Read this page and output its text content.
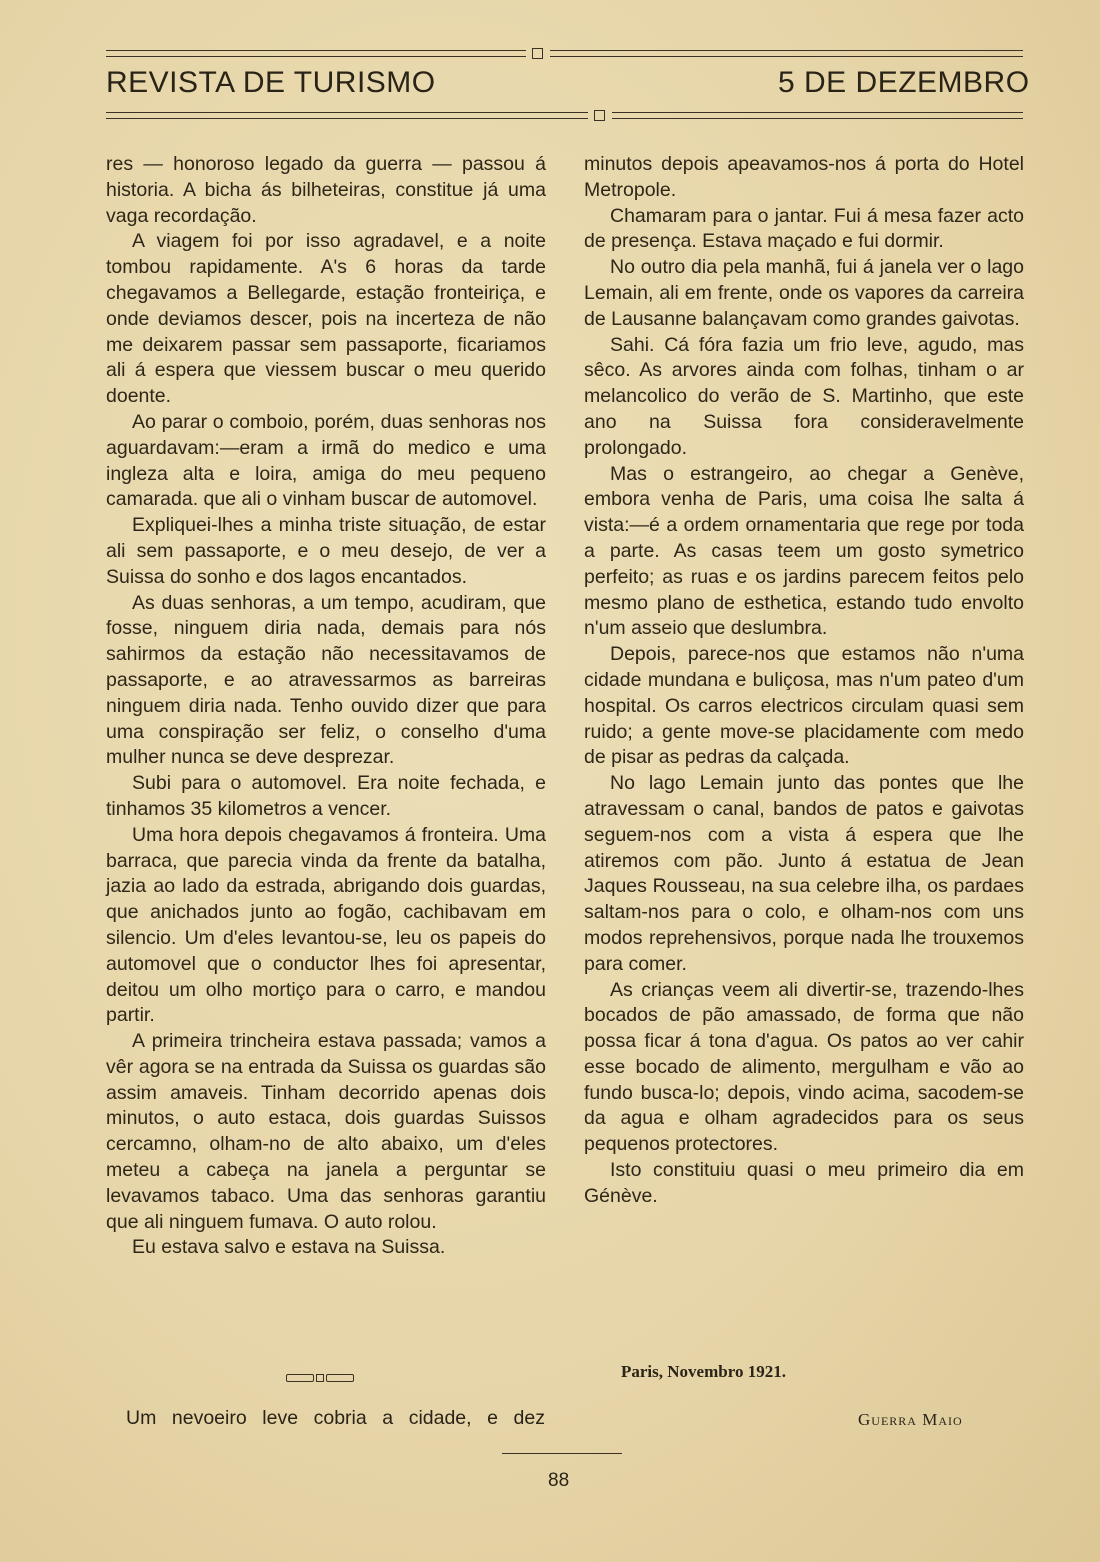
REVISTA DE TURISMO	5 DE DEZEMBRO

res — honoroso legado da guerra — passou á historia. A bicha ás bilheteiras, constitue já uma vaga recordação.

A viagem foi por isso agradavel, e a noite tombou rapidamente. A's 6 horas da tarde chegavamos a Bellegarde, estação fronteiriça, e onde deviamos descer, pois na incerteza de não me deixarem passar sem passaporte, ficariamos ali á espera que viessem buscar o meu querido doente.

Ao parar o comboio, porém, duas senhoras nos aguardavam:—eram a irmã do medico e uma ingleza alta e loira, amiga do meu pequeno camarada. que ali o vinham buscar de automovel.

Expliquei-lhes a minha triste situação, de estar ali sem passaporte, e o meu desejo, de ver a Suissa do sonho e dos lagos encantados.

As duas senhoras, a um tempo, acudiram, que fosse, ninguem diria nada, demais para nós sahirmos da estação não necessitavamos de passaporte, e ao atravessarmos as barreiras ninguem diria nada. Tenho ouvido dizer que para uma conspiração ser feliz, o conselho d'uma mulher nunca se deve desprezar.

Subi para o automovel. Era noite fechada, e tinhamos 35 kilometros a vencer.

Uma hora depois chegavamos á fronteira. Uma barraca, que parecia vinda da frente da batalha, jazia ao lado da estrada, abrigando dois guardas, que anichados junto ao fogão, cachibavam em silencio. Um d'eles levantou-se, leu os papeis do automovel que o conductor lhes foi apresentar, deitou um olho mortiço para o carro, e mandou partir.

A primeira trincheira estava passada; vamos a vêr agora se na entrada da Suissa os guardas são assim amaveis. Tinham decorrido apenas dois minutos, o auto estaca, dois guardas Suissos cercamno, olham-no de alto abaixo, um d'eles meteu a cabeça na janela a perguntar se levavamos tabaco. Uma das senhoras garantiu que ali ninguem fumava. O auto rolou.

Eu estava salvo e estava na Suissa.

Um nevoeiro leve cobria a cidade, e dez

minutos depois apeavamos-nos á porta do Hotel Metropole.

Chamaram para o jantar. Fui á mesa fazer acto de presença. Estava maçado e fui dormir.

No outro dia pela manhã, fui á janela ver o lago Lemain, ali em frente, onde os vapores da carreira de Lausanne balançavam como grandes gaivotas.

Sahi. Cá fóra fazia um frio leve, agudo, mas sêco. As arvores ainda com folhas, tinham o ar melancolico do verão de S. Martinho, que este ano na Suissa fora consideravelmente prolongado.

Mas o estrangeiro, ao chegar a Genève, embora venha de Paris, uma coisa lhe salta á vista:—é a ordem ornamentaria que rege por toda a parte. As casas teem um gosto symetrico perfeito; as ruas e os jardins parecem feitos pelo mesmo plano de esthetica, estando tudo envolto n'um asseio que deslumbra.

Depois, parece-nos que estamos não n'uma cidade mundana e buliçosa, mas n'um pateo d'um hospital. Os carros electricos circulam quasi sem ruido; a gente move-se placidamente com medo de pisar as pedras da calçada.

No lago Lemain junto das pontes que lhe atravessam o canal, bandos de patos e gaivotas seguem-nos com a vista á espera que lhe atiremos com pão. Junto á estatua de Jean Jaques Rousseau, na sua celebre ilha, os pardaes saltam-nos para o colo, e olham-nos com uns modos reprehensivos, porque nada lhe trouxemos para comer.

As crianças veem ali divertir-se, trazendo-lhes bocados de pão amassado, de forma que não possa ficar á tona d'agua. Os patos ao ver cahir esse bocado de alimento, mergulham e vão ao fundo busca-lo; depois, vindo acima, sacodem-se da agua e olham agradecidos para os seus pequenos protectores.

Isto constituiu quasi o meu primeiro dia em Génève.

Paris, Novembro 1921.
Guerra Maio
88
